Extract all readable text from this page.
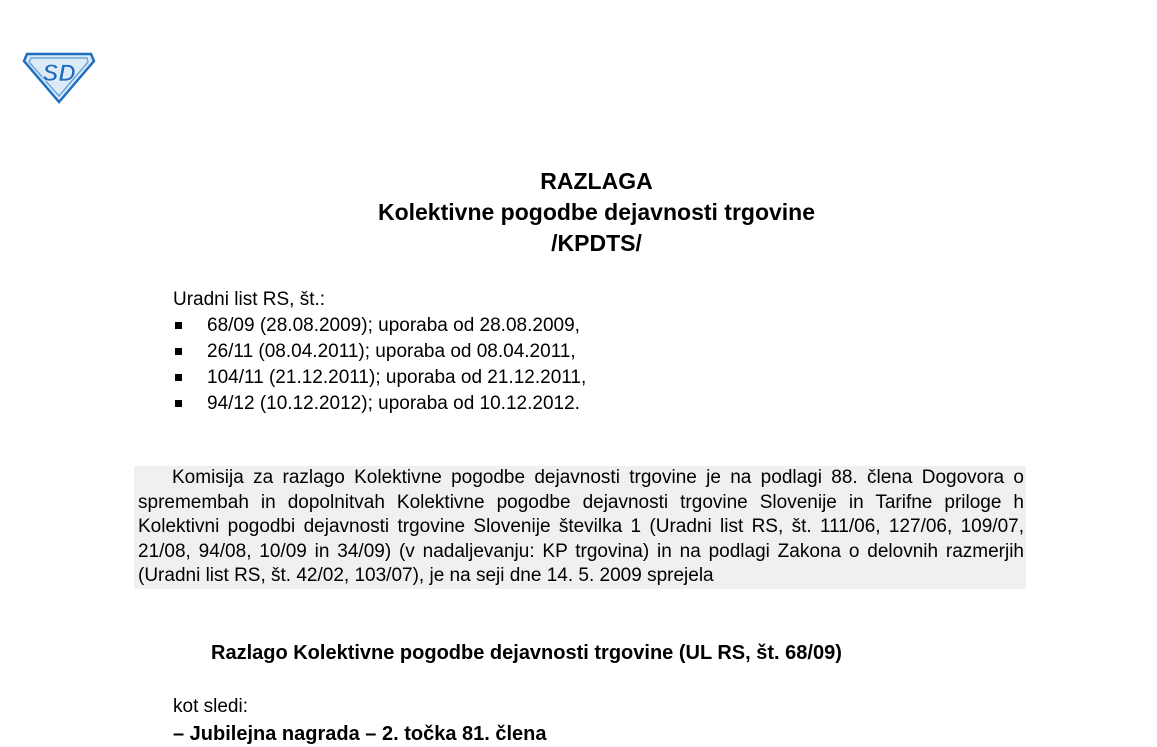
SD
RAZLAGA
Kolektivne pogodbe dejavnosti trgovine
/KPDTS/
Uradni list RS, št.:
68/09 (28.08.2009); uporaba od 28.08.2009,
26/11 (08.04.2011); uporaba od 08.04.2011,
104/11 (21.12.2011); uporaba od 21.12.2011,
94/12 (10.12.2012); uporaba od 10.12.2012.
Komisija za razlago Kolektivne pogodbe dejavnosti trgovine je na podlagi 88. člena Dogovora o spremembah in dopolnitvah Kolektivne pogodbe dejavnosti trgovine Slovenije in Tarifne priloge h Kolektivni pogodbi dejavnosti trgovine Slovenije številka 1 (Uradni list RS, št. 111/06, 127/06, 109/07, 21/08, 94/08, 10/09 in 34/09) (v nadaljevanju: KP trgovina) in na podlagi Zakona o delovnih razmerjih (Uradni list RS, št. 42/02, 103/07), je na seji dne 14. 5. 2009 sprejela
Razlago Kolektivne pogodbe dejavnosti trgovine (UL RS, št. 68/09)
kot sledi:
– Jubilejna nagrada – 2. točka 81. člena
